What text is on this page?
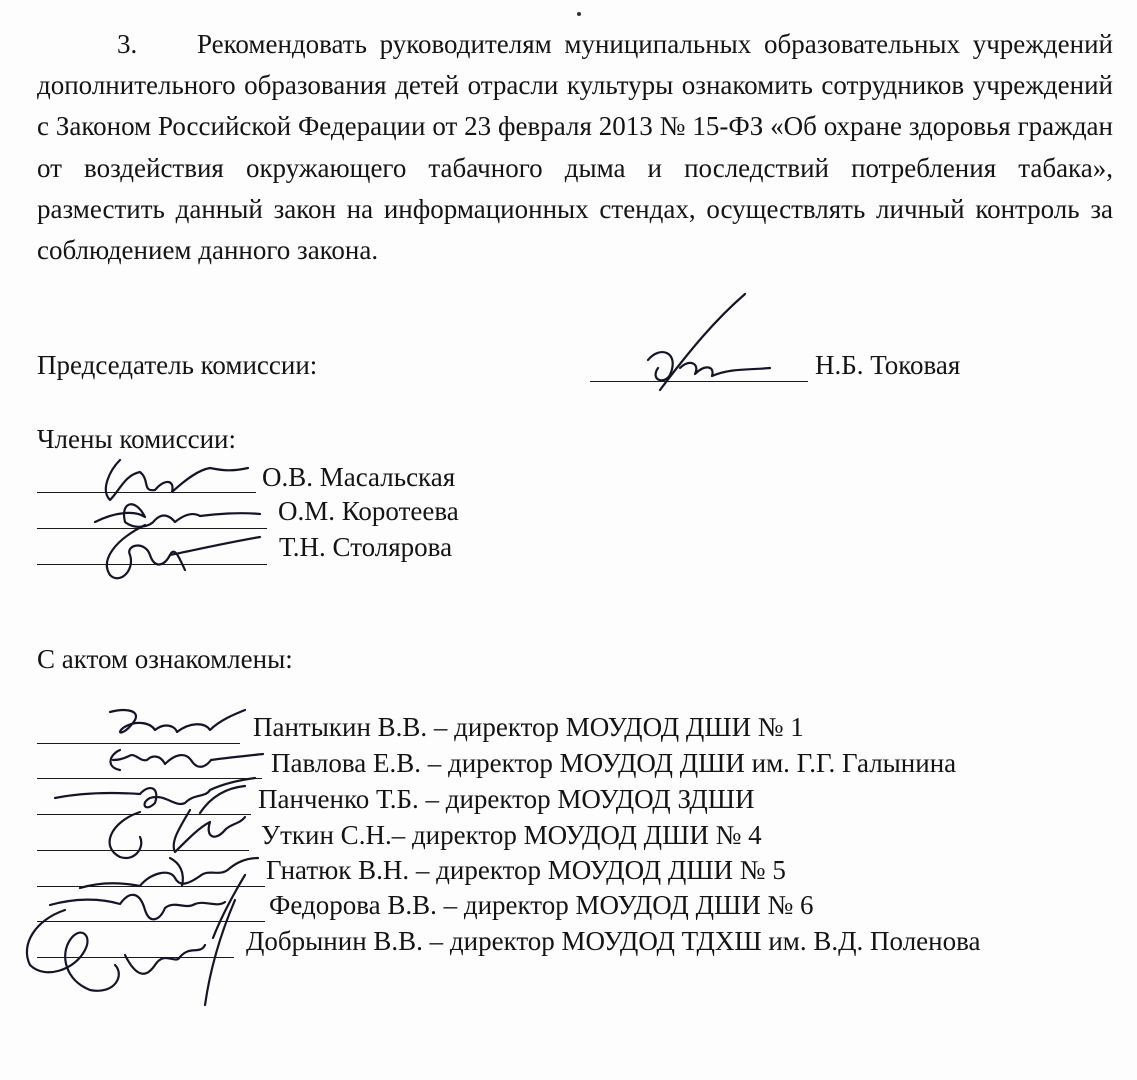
3. Рекомендовать руководителям муниципальных образовательных учреждений дополнительного образования детей отрасли культуры ознакомить сотрудников учреждений с Законом Российской Федерации от 23 февраля 2013 № 15-ФЗ «Об охране здоровья граждан от воздействия окружающего табачного дыма и последствий потребления табака», разместить данный закон на информационных стендах, осуществлять личный контроль за соблюдением данного закона.

Председатель комиссии:	Н.Б. Токовая
Члены комиссии:
О.В. Масальская
О.М. Коротеева
Т.Н. Столярова
С актом ознакомлены:
Пантыкин В.В. – директор МОУДОД ДШИ № 1
Павлова Е.В. – директор МОУДОД ДШИ им. Г.Г. Галынина
Панченко Т.Б. – директор МОУДОД ЗДШИ
Уткин С.Н.– директор МОУДОД ДШИ № 4
Гнатюк В.Н. – директор МОУДОД ДШИ № 5
Федорова В.В. – директор МОУДОД ДШИ № 6
Добрынин В.В. – директор МОУДОД ТДХШ им. В.Д. Поленова
